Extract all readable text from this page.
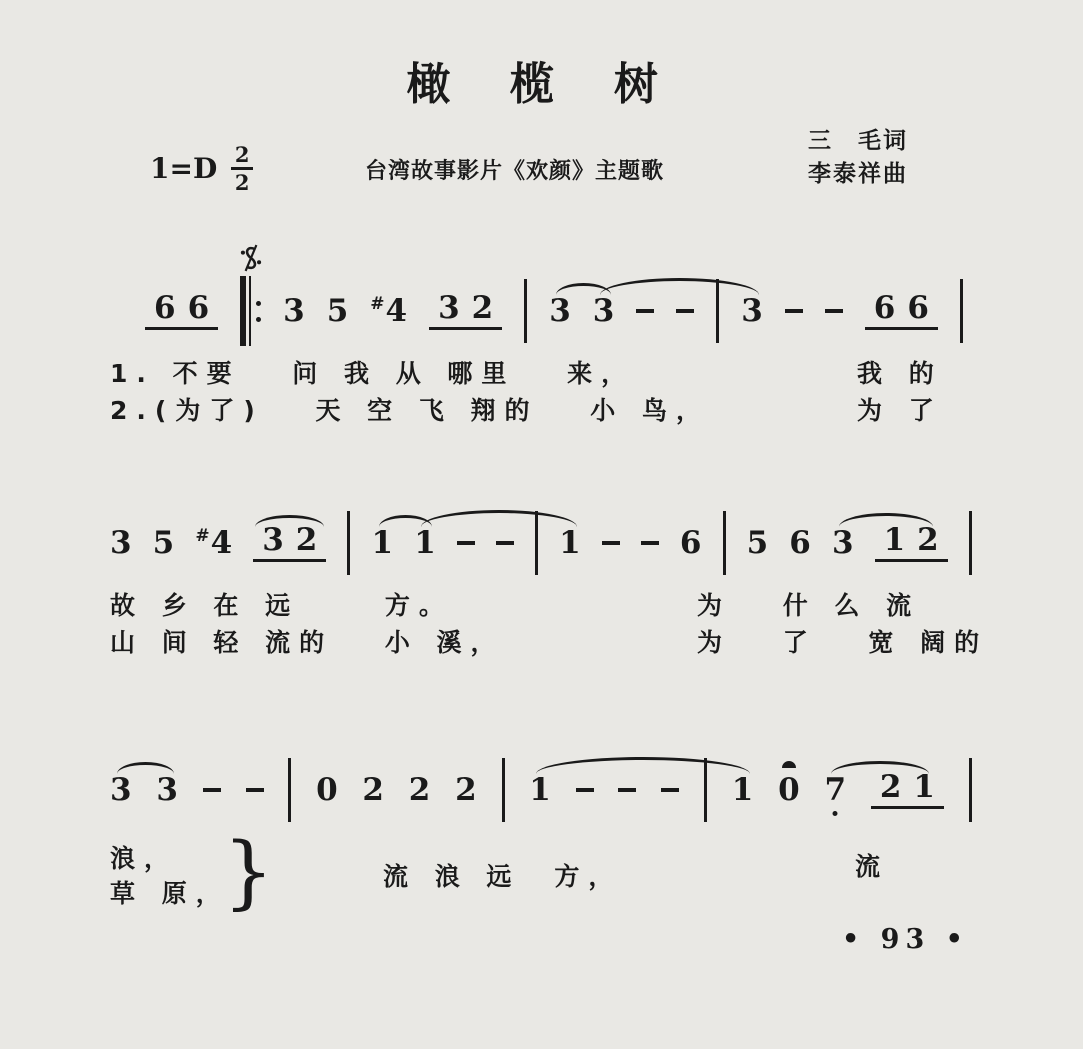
橄　榄　树
$1=D \frac{2}{2}$	台湾故事影片《欢颜》主题歌
三　毛词
李泰祥曲
6 6 3 5 #4 3 2 3 3	3	6 6

1. 不要　 问 我 从 哪里　 来，

	我 的

2.(为了)　 天 空 飞 翔的　 小 鸟，

	为 了

3 5 #4 3 2 1 1	1	6 5 6 3 1 2

故 乡 在 远　　 方。

	为　 什 么 流

山 间 轻 流的　 小 溪，

	为　 了　 宽 阔的

3 3	0 2 2 2 1	1 0 7 2 1

浪，

草 原，

}

	流 浪 远　方，

	流

• 93 •
